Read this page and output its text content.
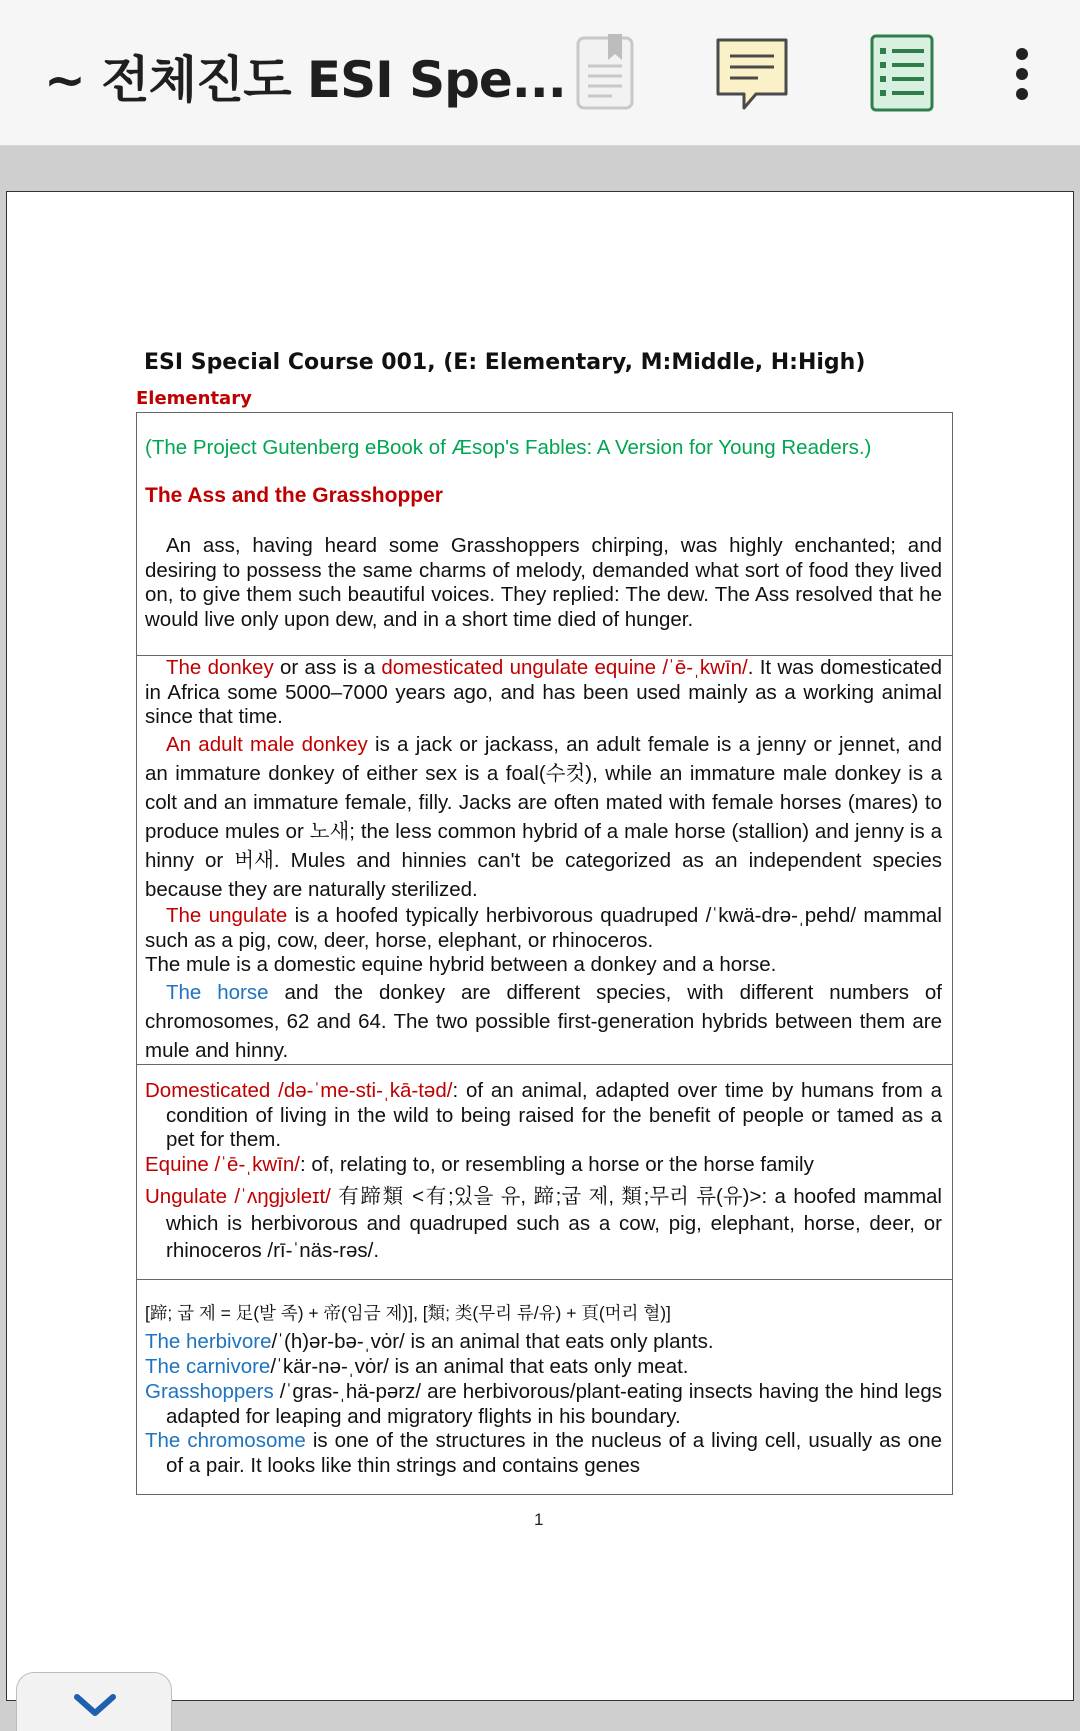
~ 전체진도 ESI Spe...
ESI Special Course 001, (E: Elementary, M:Middle, H:High)
Elementary
(The Project Gutenberg eBook of Æsop's Fables: A Version for Young Readers.)
The Ass and the Grasshopper
An ass, having heard some Grasshoppers chirping, was highly enchanted; and desiring to possess the same charms of melody, demanded what sort of food they lived on, to give them such beautiful voices. They replied: The dew. The Ass resolved that he would live only upon dew, and in a short time died of hunger.
The donkey or ass is a domesticated ungulate equine /ˈē-ˌkwīn/. It was domesticated in Africa some 5000–7000 years ago, and has been used mainly as a working animal since that time.
An adult male donkey is a jack or jackass, an adult female is a jenny or jennet, and an immature donkey of either sex is a foal(수컷), while an immature male donkey is a colt and an immature female, filly. Jacks are often mated with female horses (mares) to produce mules or 노새; the less common hybrid of a male horse (stallion) and jenny is a hinny or 버새. Mules and hinnies can't be categorized as an independent species because they are naturally sterilized.
The ungulate is a hoofed typically herbivorous quadruped /ˈkwä-drə-ˌpehd/ mammal such as a pig, cow, deer, horse, elephant, or rhinoceros.
The mule is a domestic equine hybrid between a donkey and a horse.
The horse and the donkey are different species, with different numbers of chromosomes, 62 and 64. The two possible first-generation hybrids between them are mule and hinny.
Domesticated /də-ˈme-sti-ˌkā-təd/: of an animal, adapted over time by humans from a condition of living in the wild to being raised for the benefit of people or tamed as a pet for them.
Equine /ˈē-ˌkwīn/: of, relating to, or resembling a horse or the horse family
Ungulate /ˈʌŋgjʊleɪt/ 有蹄類 <有;있을 유, 蹄;굽 제, 類;무리 류(유)>: a hoofed mammal which is herbivorous and quadruped such as a cow, pig, elephant, horse, deer, or rhinoceros /rī-ˈnäs-rəs/.
[蹄; 굽 제 = 足(발 족) + 帝(임금 제)], [類; 类(무리 류/유) + 頁(머리 혈)]
The herbivore/ˈ(h)ər-bə-ˌvȯr/ is an animal that eats only plants.
The carnivore/ˈkär-nə-ˌvȯr/ is an animal that eats only meat.
Grasshoppers /ˈgras-ˌhä-pərz/ are herbivorous/plant-eating insects having the hind legs adapted for leaping and migratory flights in his boundary.
The chromosome is one of the structures in the nucleus of a living cell, usually as one of a pair. It looks like thin strings and contains genes
1
